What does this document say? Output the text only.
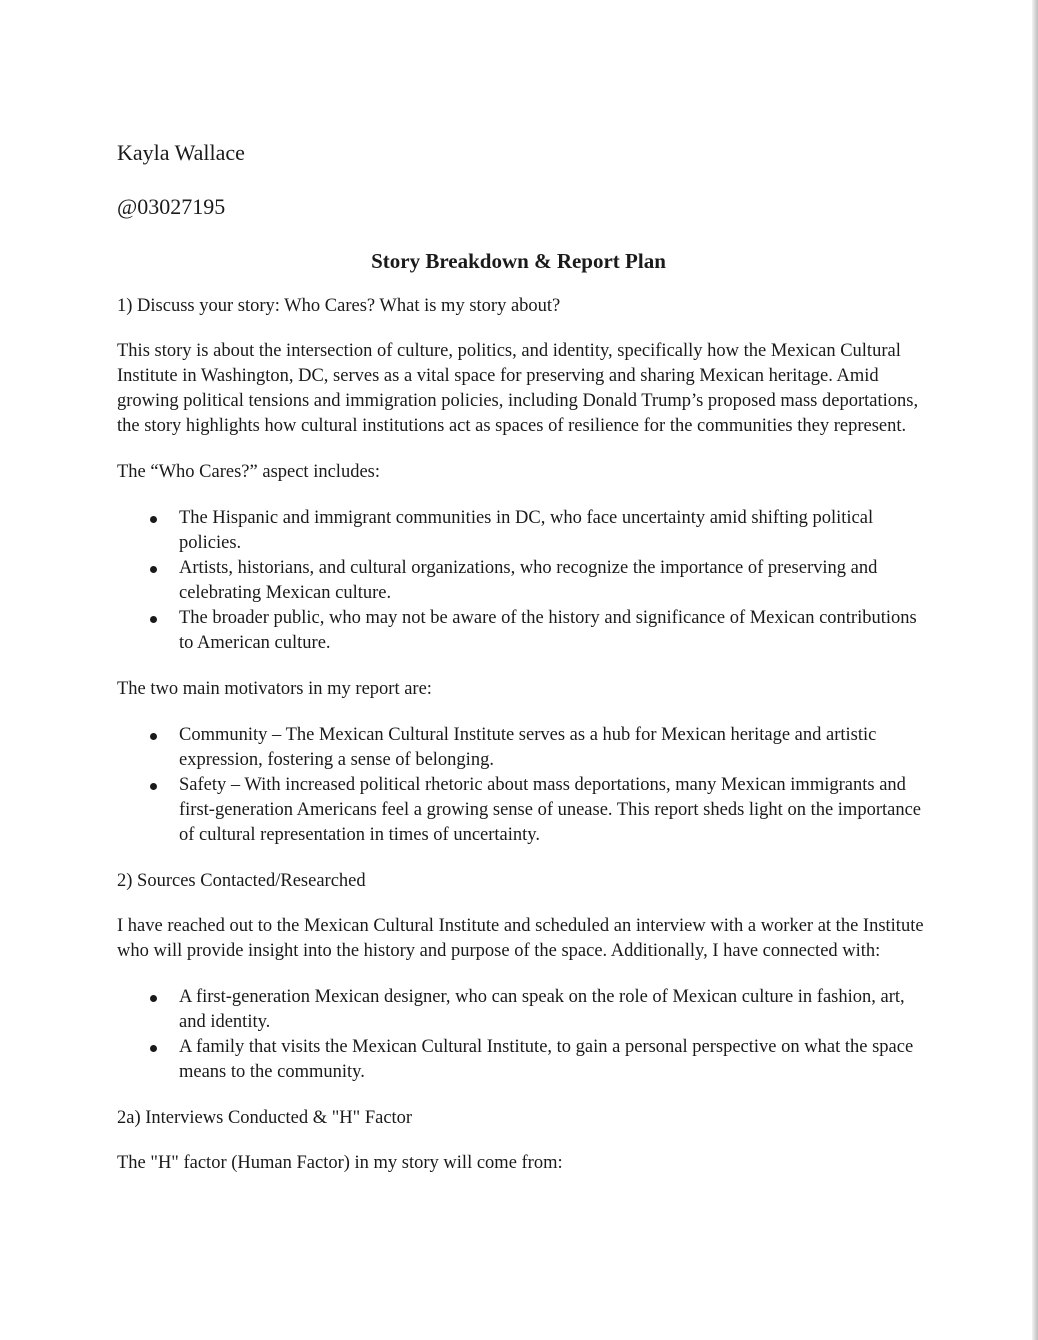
Kayla Wallace

@03027195

Story Breakdown & Report Plan

1) Discuss your story: Who Cares? What is my story about?

This story is about the intersection of culture, politics, and identity, specifically how the Mexican Cultural Institute in Washington, DC, serves as a vital space for preserving and sharing Mexican heritage. Amid growing political tensions and immigration policies, including Donald Trump’s proposed mass deportations, the story highlights how cultural institutions act as spaces of resilience for the communities they represent.

The “Who Cares?” aspect includes:

The Hispanic and immigrant communities in DC, who face uncertainty amid shifting political policies.
Artists, historians, and cultural organizations, who recognize the importance of preserving and celebrating Mexican culture.
The broader public, who may not be aware of the history and significance of Mexican contributions to American culture.

The two main motivators in my report are:

Community – The Mexican Cultural Institute serves as a hub for Mexican heritage and artistic expression, fostering a sense of belonging.
Safety – With increased political rhetoric about mass deportations, many Mexican immigrants and first-generation Americans feel a growing sense of unease. This report sheds light on the importance of cultural representation in times of uncertainty.

2) Sources Contacted/Researched

I have reached out to the Mexican Cultural Institute and scheduled an interview with a worker at the Institute who will provide insight into the history and purpose of the space. Additionally, I have connected with:

A first-generation Mexican designer, who can speak on the role of Mexican culture in fashion, art, and identity.
A family that visits the Mexican Cultural Institute, to gain a personal perspective on what the space means to the community.

2a) Interviews Conducted & "H" Factor

The "H" factor (Human Factor) in my story will come from:
